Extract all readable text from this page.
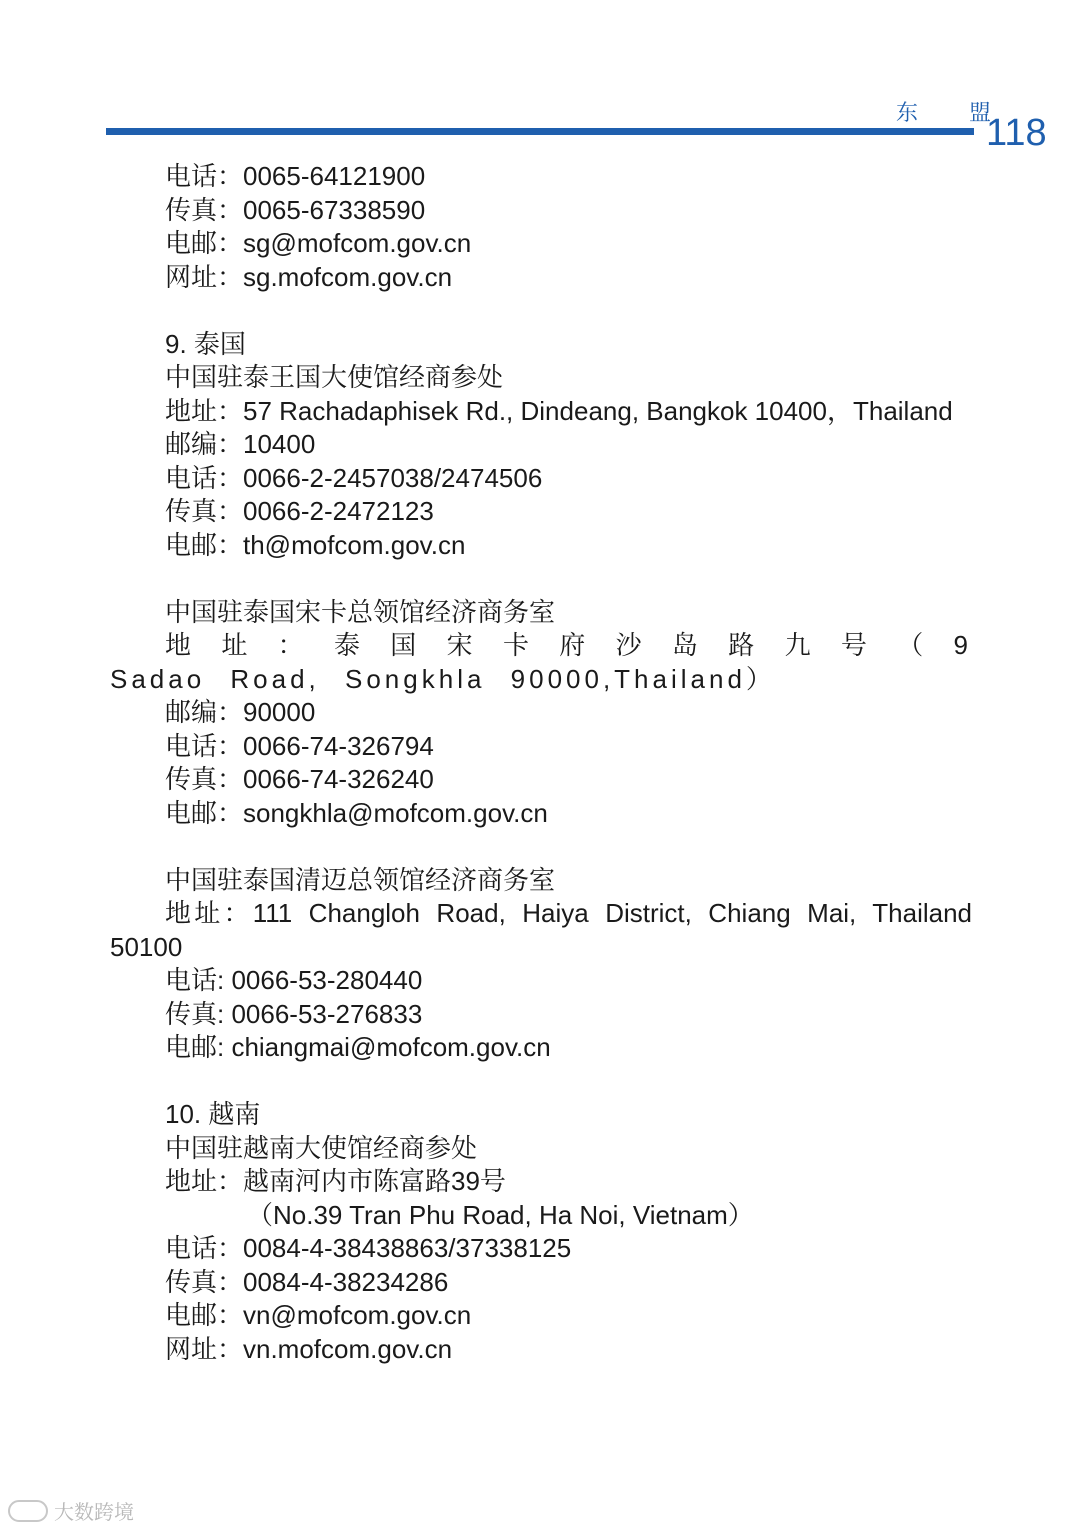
东 盟
118
电话：0065-64121900
传真：0065-67338590
电邮：sg@mofcom.gov.cn
网址：sg.mofcom.gov.cn
9. 泰国
中国驻泰王国大使馆经商参处
地址：57 Rachadaphisek Rd., Dindeang, Bangkok 10400，Thailand
邮编：10400
电话：0066-2-2457038/2474506
传真：0066-2-2472123
电邮：th@mofcom.gov.cn
中国驻泰国宋卡总领馆经济商务室
地 址 ： 泰 国 宋 卡 府 沙 岛 路 九 号 （ 9 Sadao Road, Songkhla 90000,Thailand）
邮编：90000
电话：0066-74-326794
传真：0066-74-326240
电邮：songkhla@mofcom.gov.cn
中国驻泰国清迈总领馆经济商务室
地址：111 Changloh Road, Haiya District, Chiang Mai, Thailand 50100
电话: 0066-53-280440
传真: 0066-53-276833
电邮: chiangmai@mofcom.gov.cn
10. 越南
中国驻越南大使馆经商参处
地址：越南河内市陈富路39号
（No.39 Tran Phu Road, Ha Noi, Vietnam）
电话：0084-4-38438863/37338125
传真：0084-4-38234286
电邮：vn@mofcom.gov.cn
网址：vn.mofcom.gov.cn
大数跨境
